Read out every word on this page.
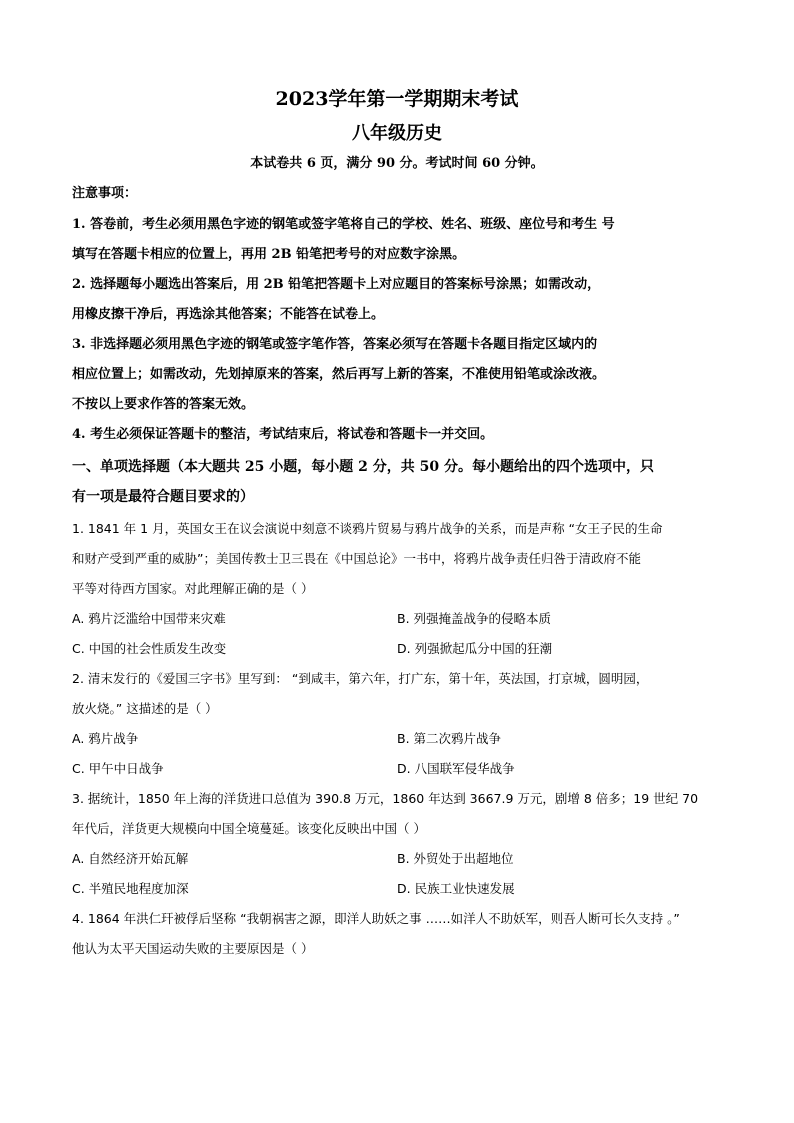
2023学年第一学期期末考试
八年级历史
本试卷共 6 页，满分 90 分。考试时间 60 分钟。
注意事项：

1. 答卷前，考生必须用黑色字迹的钢笔或签字笔将自己的学校、姓名、班级、座位号和考生 号

填写在答题卡相应的位置上，再用 2B 铅笔把考号的对应数字涂黑。

2. 选择题每小题选出答案后，用 2B 铅笔把答题卡上对应题目的答案标号涂黑；如需改动，

用橡皮擦干净后，再选涂其他答案；不能答在试卷上。

3. 非选择题必须用黑色字迹的钢笔或签字笔作答，答案必须写在答题卡各题目指定区域内的

相应位置上；如需改动，先划掉原来的答案，然后再写上新的答案，不准使用铅笔或涂改液。

不按以上要求作答的答案无效。

4. 考生必须保证答题卡的整洁，考试结束后，将试卷和答题卡一并交回。

一、单项选择题（本大题共 25 小题，每小题 2 分，共 50 分。每小题给出的四个选项中，只
有一项是最符合题目要求的）

1. 1841 年 1 月，英国女王在议会演说中刻意不谈鸦片贸易与鸦片战争的关系，而是声称 “女王子民的生命

和财产受到严重的威胁”；美国传教士卫三畏在《中国总论》一书中，将鸦片战争责任归咎于清政府不能

平等对待西方国家。对此理解正确的是（ ）

A. 鸦片泛滥给中国带来灾难	B. 列强掩盖战争的侵略本质
C. 中国的社会性质发生改变	D. 列强掀起瓜分中国的狂潮

2. 清末发行的《爱国三字书》里写到： “到咸丰，第六年，打广东，第十年，英法国，打京城，圆明园，

放火烧。” 这描述的是（ ）

A. 鸦片战争	B. 第二次鸦片战争
C. 甲午中日战争	D. 八国联军侵华战争

3. 据统计，1850 年上海的洋货进口总值为 390.8 万元，1860 年达到 3667.9 万元，剧增 8 倍多；19 世纪 70

年代后，洋货更大规模向中国全境蔓延。该变化反映出中国（ ）

A. 自然经济开始瓦解	B. 外贸处于出超地位
C. 半殖民地程度加深	D. 民族工业快速发展

4. 1864 年洪仁玕被俘后坚称 “我朝祸害之源，即洋人助妖之事 ……如洋人不助妖军，则吾人断可长久支持 。”

他认为太平天国运动失败的主要原因是（ ）
